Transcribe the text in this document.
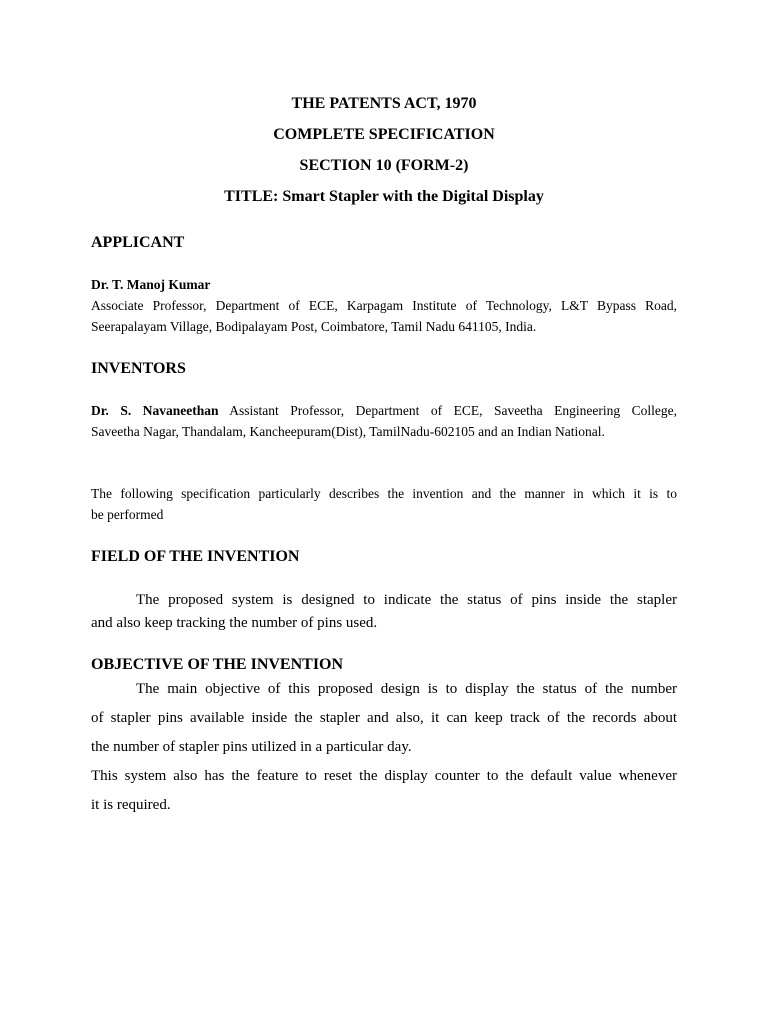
THE PATENTS ACT, 1970

COMPLETE SPECIFICATION

SECTION 10 (FORM-2)

TITLE: Smart Stapler with the Digital Display

APPLICANT

Dr. T. Manoj Kumar

Associate Professor, Department of ECE, Karpagam Institute of Technology, L&T Bypass Road,

Seerapalayam Village, Bodipalayam Post, Coimbatore, Tamil Nadu 641105, India.

INVENTORS

Dr. S. Navaneethan Assistant Professor, Department of ECE, Saveetha Engineering College,

Saveetha Nagar, Thandalam, Kancheepuram(Dist), TamilNadu-602105 and an Indian National.

The following specification particularly describes the invention and the manner in which it is to

be performed

FIELD OF THE INVENTION

The proposed system is designed to indicate the status of pins inside the stapler

and also keep tracking the number of pins used.

OBJECTIVE OF THE INVENTION

The main objective of this proposed design is to display the status of the number

of stapler pins available inside the stapler and also, it can keep track of the records about

the number of stapler pins utilized in a particular day.

This system also has the feature to reset the display counter to the default value whenever

it is required.
